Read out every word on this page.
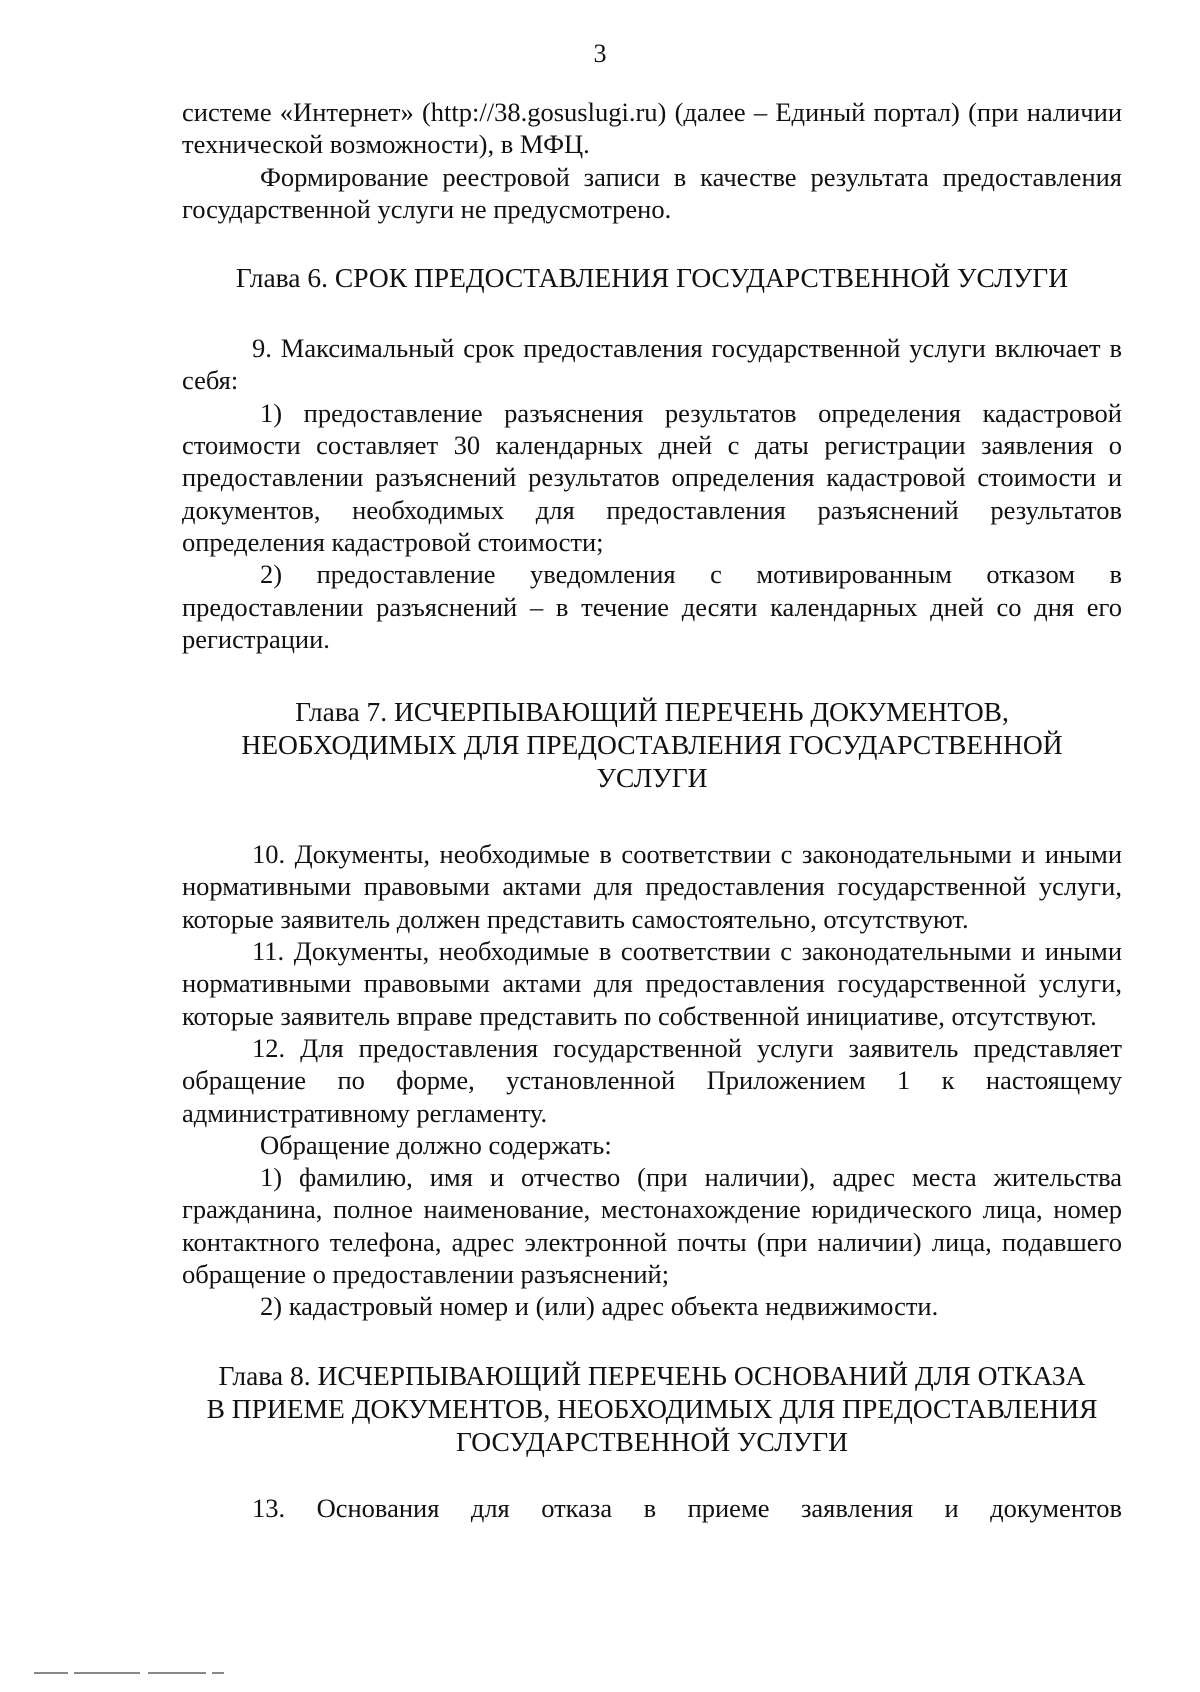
3

системе «Интернет» (http://38.gosuslugi.ru) (далее – Единый портал) (при наличии технической возможности), в МФЦ.

Формирование реестровой записи в качестве результата предоставления государственной услуги не предусмотрено.

Глава 6. СРОК ПРЕДОСТАВЛЕНИЯ ГОСУДАРСТВЕННОЙ УСЛУГИ

9. Максимальный срок предоставления государственной услуги включает в себя:

1) предоставление разъяснения результатов определения кадастровой стоимости составляет 30 календарных дней с даты регистрации заявления о предоставлении разъяснений результатов определения кадастровой стоимости и документов, необходимых для предоставления разъяснений результатов определения кадастровой стоимости;

2) предоставление уведомления с мотивированным отказом в предоставлении разъяснений – в течение десяти календарных дней со дня его регистрации.

Глава 7. ИСЧЕРПЫВАЮЩИЙ ПЕРЕЧЕНЬ ДОКУМЕНТОВ,
НЕОБХОДИМЫХ ДЛЯ ПРЕДОСТАВЛЕНИЯ ГОСУДАРСТВЕННОЙ
УСЛУГИ

10. Документы, необходимые в соответствии с законодательными и иными нормативными правовыми актами для предоставления государственной услуги, которые заявитель должен представить самостоятельно, отсутствуют.

11. Документы, необходимые в соответствии с законодательными и иными нормативными правовыми актами для предоставления государственной услуги, которые заявитель вправе представить по собственной инициативе, отсутствуют.

12. Для предоставления государственной услуги заявитель представляет обращение по форме, установленной Приложением 1 к настоящему административному регламенту.

Обращение должно содержать:

1) фамилию, имя и отчество (при наличии), адрес места жительства гражданина, полное наименование, местонахождение юридического лица, номер контактного телефона, адрес электронной почты (при наличии) лица, подавшего обращение о предоставлении разъяснений;

2) кадастровый номер и (или) адрес объекта недвижимости.

Глава 8. ИСЧЕРПЫВАЮЩИЙ ПЕРЕЧЕНЬ ОСНОВАНИЙ ДЛЯ ОТКАЗА
В ПРИЕМЕ ДОКУМЕНТОВ, НЕОБХОДИМЫХ ДЛЯ ПРЕДОСТАВЛЕНИЯ
ГОСУДАРСТВЕННОЙ УСЛУГИ

13. Основания для отказа в приеме заявления и документов
